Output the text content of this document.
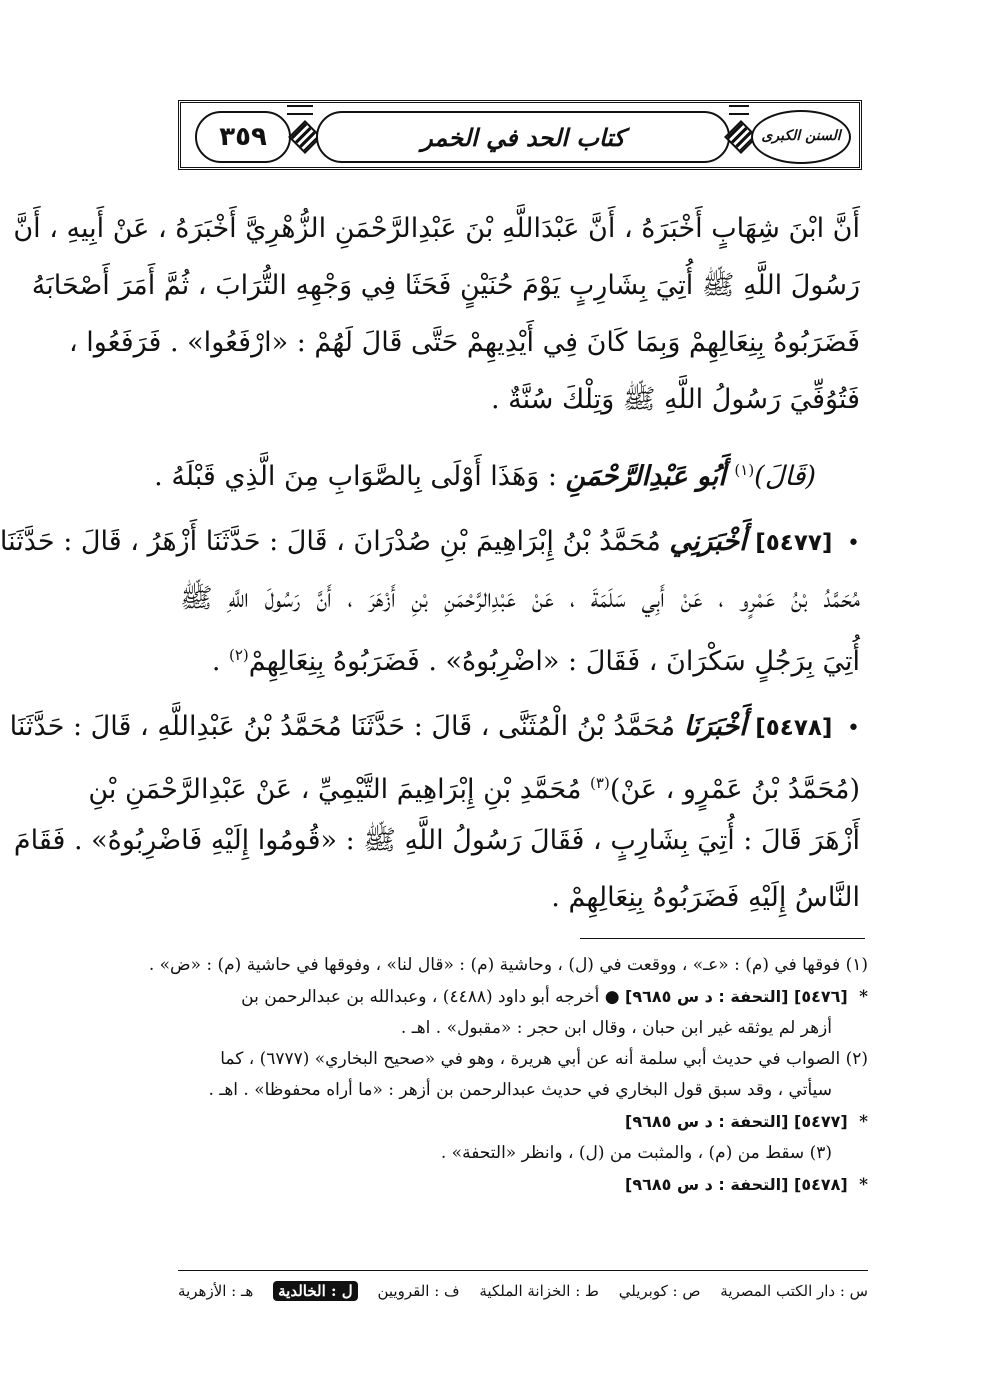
٣٥٩	كتاب الحد في الخمر	السنن الكبرى
أَنَّ ابْنَ شِهَابٍ أَخْبَرَهُ ، أَنَّ عَبْدَاللَّهِ بْنَ عَبْدِالرَّحْمَنِ الزُّهْرِيَّ أَخْبَرَهُ ، عَنْ أَبِيهِ ، أَنَّ
رَسُولَ اللَّهِ ﷺ أُتِيَ بِشَارِبٍ يَوْمَ حُنَيْنٍ فَحَثَا فِي وَجْهِهِ التُّرَابَ ، ثُمَّ أَمَرَ أَصْحَابَهُ
فَضَرَبُوهُ بِنِعَالِهِمْ وَبِمَا كَانَ فِي أَيْدِيهِمْ حَتَّى قَالَ لَهُمْ : «ارْفَعُوا» . فَرَفَعُوا ،
فَتُوُفِّيَ رَسُولُ اللَّهِ ﷺ وَتِلْكَ سُنَّةٌ .
(قَالَ)$^{(١)}$ أَبُو عَبْدِالرَّحْمَنِ : وَهَذَا أَوْلَى بِالصَّوَابِ مِنَ الَّذِي قَبْلَهُ .
• [٥٤٧٧] أَخْبَرَنِي مُحَمَّدُ بْنُ إِبْرَاهِيمَ بْنِ صُدْرَانَ ، قَالَ : حَدَّثَنَا أَزْهَرُ ، قَالَ : حَدَّثَنَا
مُحَمَّدُ بْنُ عَمْرٍو ، عَنْ أَبِي سَلَمَةَ ، عَنْ عَبْدِالرَّحْمَنِ بْنِ أَزْهَرَ ، أَنَّ رَسُولَ اللَّهِ ﷺ
أُتِيَ بِرَجُلٍ سَكْرَانَ ، فَقَالَ : «اضْرِبُوهُ» . فَضَرَبُوهُ بِنِعَالِهِمْ$^{(٢)}$ .
• [٥٤٧٨] أَخْبَرَنَا مُحَمَّدُ بْنُ الْمُثَنَّى ، قَالَ : حَدَّثَنَا مُحَمَّدُ بْنُ عَبْدِاللَّهِ ، قَالَ : حَدَّثَنَا
(مُحَمَّدُ بْنُ عَمْرٍو ، عَنْ)$^{(٣)}$ مُحَمَّدِ بْنِ إِبْرَاهِيمَ التَّيْمِيِّ ، عَنْ عَبْدِالرَّحْمَنِ بْنِ
أَزْهَرَ قَالَ : أُتِيَ بِشَارِبٍ ، فَقَالَ رَسُولُ اللَّهِ ﷺ : «قُومُوا إِلَيْهِ فَاضْرِبُوهُ» . فَقَامَ
النَّاسُ إِلَيْهِ فَضَرَبُوهُ بِنِعَالِهِمْ .
(١) فوقها في (م) : «عـ» ، ووقعت في (ل) ، وحاشية (م) : «قال لنا» ، وفوقها في حاشية (م) : «ض» .
* [٥٤٧٦] [التحفة : د س ٩٦٨٥] ● أخرجه أبو داود (٤٤٨٨) ، وعبدالله بن عبدالرحمن بن
أزهر لم يوثقه غير ابن حبان ، وقال ابن حجر : «مقبول» . اهـ .
(٢) الصواب في حديث أبي سلمة أنه عن أبي هريرة ، وهو في «صحيح البخاري» (٦٧٧٧) ، كما
سيأتي ، وقد سبق قول البخاري في حديث عبدالرحمن بن أزهر : «ما أراه محفوظا» . اهـ .
* [٥٤٧٧] [التحفة : د س ٩٦٨٥]
(٣) سقط من (م) ، والمثبت من (ل) ، وانظر «التحفة» .
* [٥٤٧٨] [التحفة : د س ٩٦٨٥]
س : دار الكتب المصرية
ص : كوبريلي
ط : الخزانة الملكية
ف : القرويين
ل : الخالدية
هـ : الأزهرية
